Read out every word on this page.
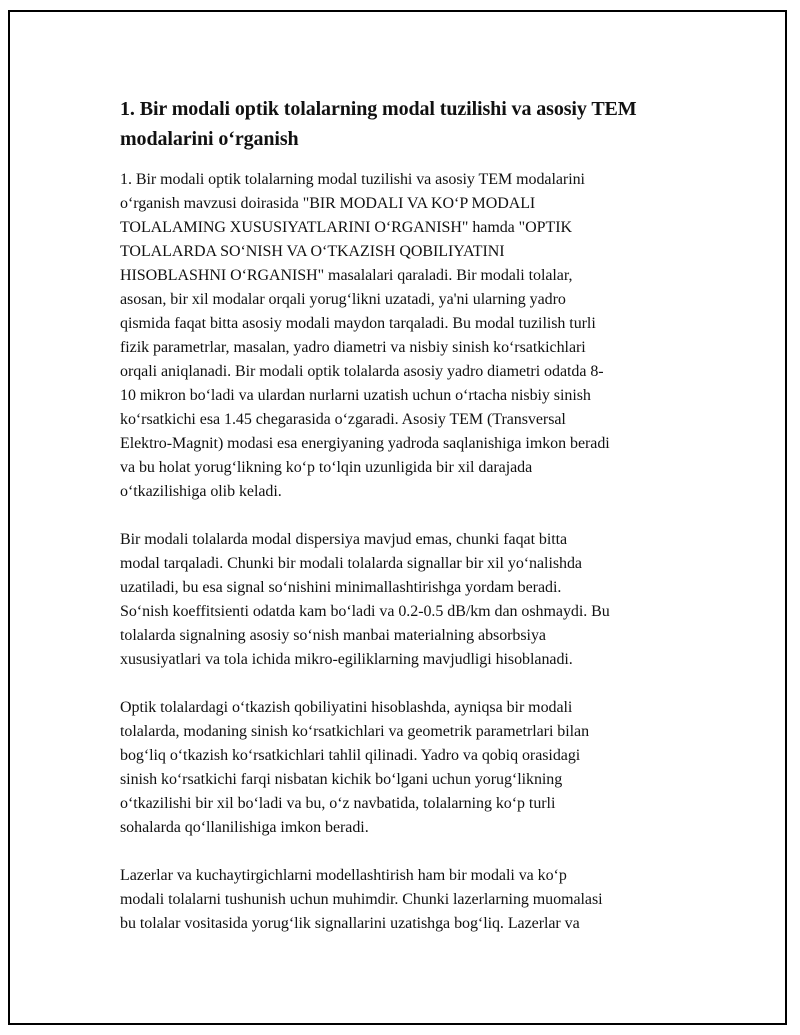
1. Bir modali optik tolalarning modal tuzilishi va asosiy TEM
modalarini o‘rganish

1. Bir modali optik tolalarning modal tuzilishi va asosiy TEM modalarini
o‘rganish mavzusi doirasida "BIR MODALI VA KO‘P MODALI
TOLALAMING XUSUSIYATLARINI O‘RGANISH" hamda "OPTIK
TOLALARDA SO‘NISH VA O‘TKAZISH QOBILIYATINI
HISOBLASHNI O‘RGANISH" masalalari qaraladi. Bir modali tolalar,
asosan, bir xil modalar orqali yorug‘likni uzatadi, ya'ni ularning yadro
qismida faqat bitta asosiy modali maydon tarqaladi. Bu modal tuzilish turli
fizik parametrlar, masalan, yadro diametri va nisbiy sinish ko‘rsatkichlari
orqali aniqlanadi. Bir modali optik tolalarda asosiy yadro diametri odatda 8-
10 mikron bo‘ladi va ulardan nurlarni uzatish uchun o‘rtacha nisbiy sinish
ko‘rsatkichi esa 1.45 chegarasida o‘zgaradi. Asosiy TEM (Transversal
Elektro-Magnit) modasi esa energiyaning yadroda saqlanishiga imkon beradi
va bu holat yorug‘likning ko‘p to‘lqin uzunligida bir xil darajada
o‘tkazilishiga olib keladi.

Bir modali tolalarda modal dispersiya mavjud emas, chunki faqat bitta
modal tarqaladi. Chunki bir modali tolalarda signallar bir xil yo‘nalishda
uzatiladi, bu esa signal so‘nishini minimallashtirishga yordam beradi.
So‘nish koeffitsienti odatda kam bo‘ladi va 0.2-0.5 dB/km dan oshmaydi. Bu
tolalarda signalning asosiy so‘nish manbai materialning absorbsiya
xususiyatlari va tola ichida mikro-egiliklarning mavjudligi hisoblanadi.

Optik tolalardagi o‘tkazish qobiliyatini hisoblashda, ayniqsa bir modali
tolalarda, modaning sinish ko‘rsatkichlari va geometrik parametrlari bilan
bog‘liq o‘tkazish ko‘rsatkichlari tahlil qilinadi. Yadro va qobiq orasidagi
sinish ko‘rsatkichi farqi nisbatan kichik bo‘lgani uchun yorug‘likning
o‘tkazilishi bir xil bo‘ladi va bu, o‘z navbatida, tolalarning ko‘p turli
sohalarda qo‘llanilishiga imkon beradi.

Lazerlar va kuchaytirgichlarni modellashtirish ham bir modali va ko‘p
modali tolalarni tushunish uchun muhimdir. Chunki lazerlarning muomalasi
bu tolalar vositasida yorug‘lik signallarini uzatishga bog‘liq. Lazerlar va
